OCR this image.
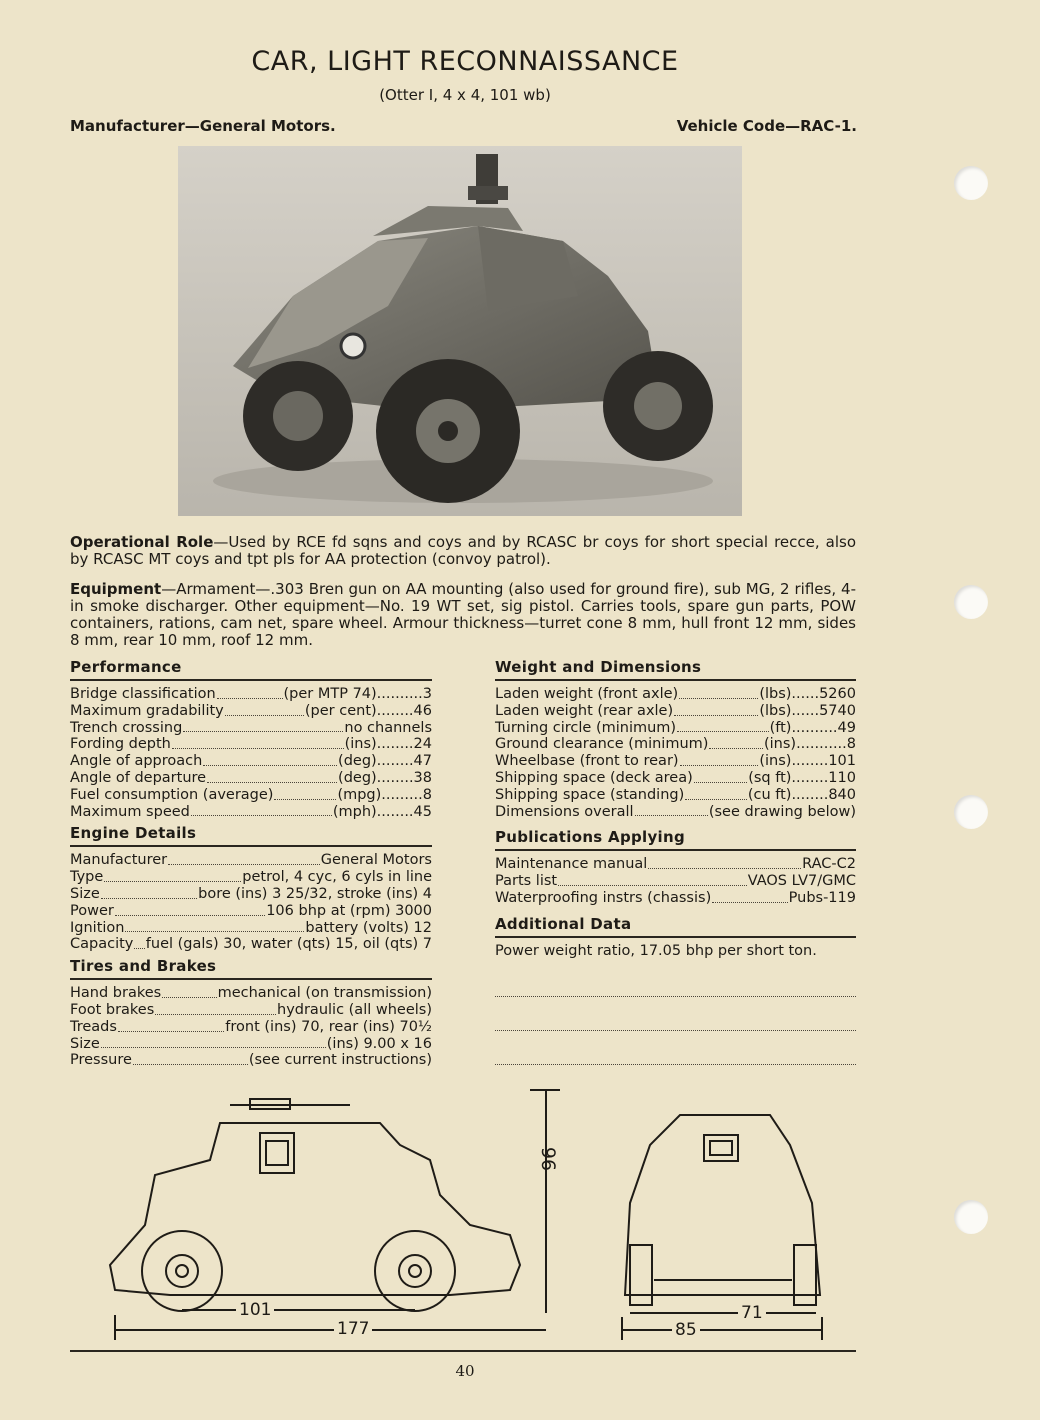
CAR, LIGHT RECONNAISSANCE
(Otter I, 4 x 4, 101 wb)
Manufacturer—General Motors.	Vehicle Code—RAC-1.
Operational Role—Used by RCE fd sqns and coys and by RCASC br coys for short special recce, also by RCASC MT coys and tpt pls for AA protection (convoy patrol).
Equipment—Armament—.303 Bren gun on AA mounting (also used for ground fire), sub MG, 2 rifles, 4-in smoke discharger. Other equipment—No. 19 WT set, sig pistol. Carries tools, spare gun parts, POW containers, rations, cam net, spare wheel. Armour thickness—turret cone 8 mm, hull front 12 mm, sides 8 mm, rear 10 mm, roof 12 mm.
Performance
Bridge classification	(per MTP 74)..........3
Maximum gradability	(per cent)........46
Trench crossing	no channels
Fording depth	(ins)........24
Angle of approach	(deg)........47
Angle of departure	(deg)........38
Fuel consumption (average)	(mpg).........8
Maximum speed	(mph)........45
Engine Details
Manufacturer	General Motors
Type	petrol, 4 cyc, 6 cyls in line
Size	bore (ins) 3 25/32, stroke (ins) 4
Power	106 bhp at (rpm) 3000
Ignition	battery (volts) 12
Capacity fuel (gals) 30, water (qts) 15, oil (qts) 7
Tires and Brakes
Hand brakes	mechanical (on transmission)
Foot brakes	hydraulic (all wheels)
Treads	front (ins) 70, rear (ins) 70½
Size	(ins) 9.00 x 16
Pressure	(see current instructions)
Weight and Dimensions
Laden weight (front axle)	(lbs)......5260
Laden weight (rear axle)	(lbs)......5740
Turning circle (minimum)	(ft)..........49
Ground clearance (minimum)	(ins)...........8
Wheelbase (front to rear)	(ins)........101
Shipping space (deck area)	(sq ft)........110
Shipping space (standing)	(cu ft)........840
Dimensions overall	(see drawing below)
Publications Applying
Maintenance manual	RAC-C2
Parts list	VAOS LV7/GMC
Waterproofing instrs (chassis)	Pubs-119
Additional Data
Power weight ratio, 17.05 bhp per short ton.
96
101
177
71
85
40
